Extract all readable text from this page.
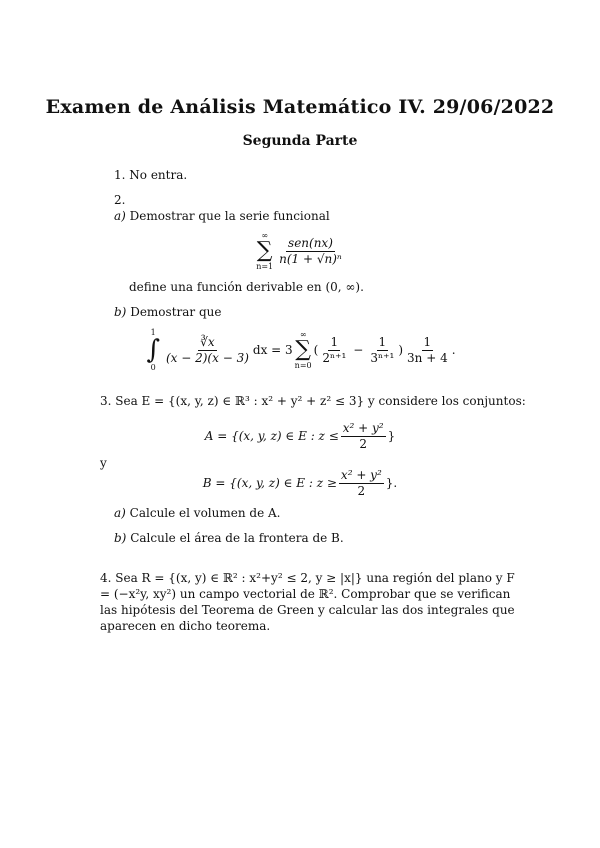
Examen de Análisis Matemático IV. 29/06/2022
Segunda Parte
1. No entra.
2.
a) Demostrar que la serie funcional
∞
∑
n=1
$\frac{\text{sen(nx)}}{\text{n(1 + √n)ⁿ}}$
define una función derivable en (0, ∞).
b) Demostrar que
1
∫
0
$\frac{∛x}{(x - 2)(x - 3)}$ dx = 3
∞
∑
n=0
( $\frac{1}{\text{2ⁿ⁺¹}} - \frac{1}{\text{3ⁿ⁺¹}}$ ) $\frac{1}{3n + 4}$ .
3. Sea E = {(x, y, z) ∈ ℝ³ : x² + y² + z² ≤ 3} y considere los conjuntos:
A = {(x, y, z) ∈ E : $z \le \frac{\text{x² + y²}}{2}$ }
y
B = {(x, y, z) ∈ E : $z \ge \frac{\text{x² + y²}}{2}$ }.
a) Calcule el volumen de A.
b) Calcule el área de la frontera de B.
4. Sea R = {(x, y) ∈ ℝ² : x²+y² ≤ 2, y ≥ |x|} una región del plano y F = (−x²y, xy²) un campo vectorial de ℝ². Comprobar que se verifican las hipótesis del Teorema de Green y calcular las dos integrales que aparecen en dicho teorema.
